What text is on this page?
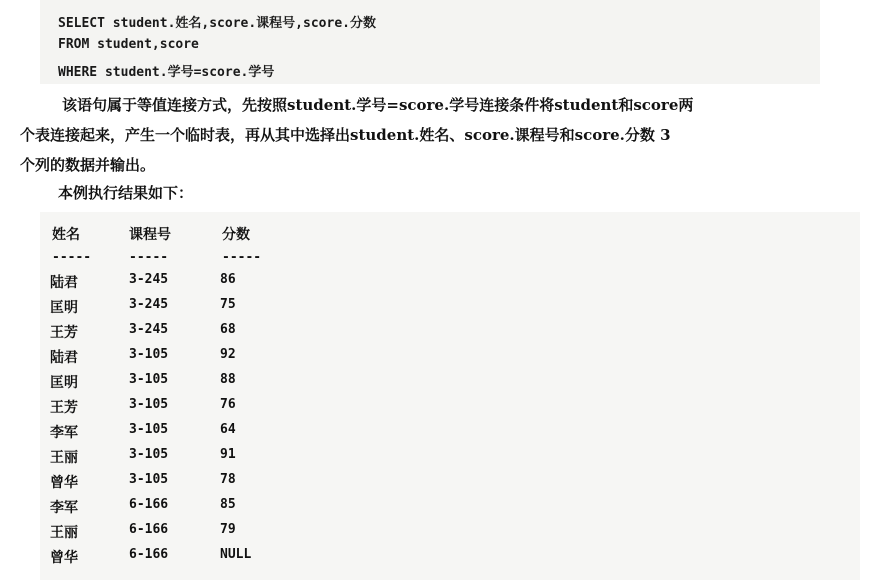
SELECT student.姓名,score.课程号,score.分数
FROM student,score
WHERE student.学号=score.学号

该语句属于等值连接方式，先按照student.学号=score.学号连接条件将student和score两

个表连接起来，产生一个临时表，再从其中选择出student.姓名、score.课程号和score.分数 3

个列的数据并输出。

本例执行结果如下：
姓名	课程号	分数
-----	-----	-----
陆君	3-245	86
匡明	3-245	75
王芳	3-245	68
陆君	3-105	92
匡明	3-105	88
王芳	3-105	76
李军	3-105	64
王丽	3-105	91
曾华	3-105	78
李军	6-166	85
王丽	6-166	79
曾华	6-166	NULL
